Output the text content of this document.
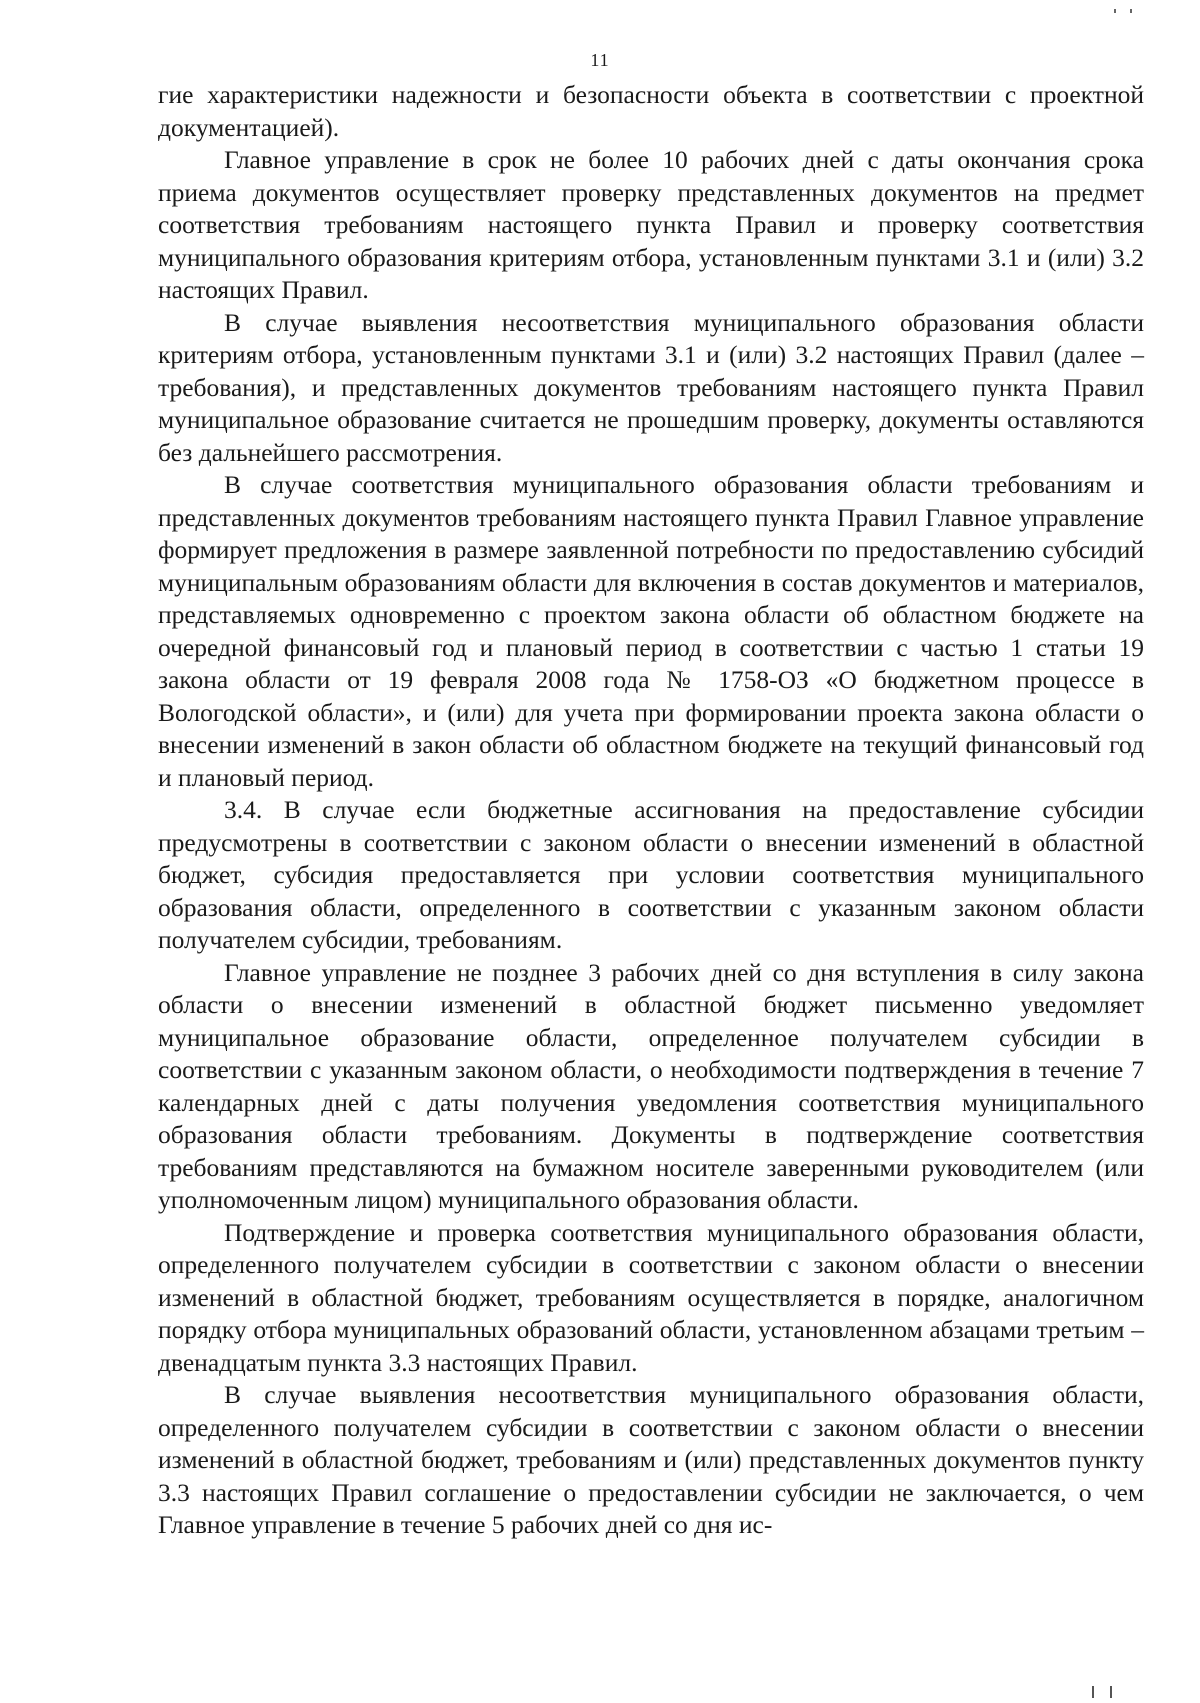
11

гие характеристики надежности и безопасности объекта в соответствии с проектной документацией).

Главное управление в срок не более 10 рабочих дней с даты окончания срока приема документов осуществляет проверку представленных документов на предмет соответствия требованиям настоящего пункта Правил и проверку соответствия муниципального образования критериям отбора, установленным пунктами 3.1 и (или) 3.2 настоящих Правил.

В случае выявления несоответствия муниципального образования области критериям отбора, установленным пунктами 3.1 и (или) 3.2 настоящих Правил (далее – требования), и представленных документов требованиям настоящего пункта Правил муниципальное образование считается не прошедшим проверку, документы оставляются без дальнейшего рассмотрения.

В случае соответствия муниципального образования области требованиям и представленных документов требованиям настоящего пункта Правил Главное управление формирует предложения в размере заявленной потребности по предоставлению субсидий муниципальным образованиям области для включения в состав документов и материалов, представляемых одновременно с проектом закона области об областном бюджете на очередной финансовый год и плановый период в соответствии с частью 1 статьи 19 закона области от 19 февраля 2008 года № 1758-ОЗ «О бюджетном процессе в Вологодской области», и (или) для учета при формировании проекта закона области о внесении изменений в закон области об областном бюджете на текущий финансовый год и плановый период.

3.4. В случае если бюджетные ассигнования на предоставление субсидии предусмотрены в соответствии с законом области о внесении изменений в областной бюджет, субсидия предоставляется при условии соответствия муниципального образования области, определенного в соответствии с указанным законом области получателем субсидии, требованиям.

Главное управление не позднее 3 рабочих дней со дня вступления в силу закона области о внесении изменений в областной бюджет письменно уведомляет муниципальное образование области, определенное получателем субсидии в соответствии с указанным законом области, о необходимости подтверждения в течение 7 календарных дней с даты получения уведомления соответствия муниципального образования области требованиям. Документы в подтверждение соответствия требованиям представляются на бумажном носителе заверенными руководителем (или уполномоченным лицом) муниципального образования области.

Подтверждение и проверка соответствия муниципального образования области, определенного получателем субсидии в соответствии с законом области о внесении изменений в областной бюджет, требованиям осуществляется в порядке, аналогичном порядку отбора муниципальных образований области, установленном абзацами третьим – двенадцатым пункта 3.3 настоящих Правил.

В случае выявления несоответствия муниципального образования области, определенного получателем субсидии в соответствии с законом области о внесении изменений в областной бюджет, требованиям и (или) представленных документов пункту 3.3 настоящих Правил соглашение о предоставлении субсидии не заключается, о чем Главное управление в течение 5 рабочих дней со дня ис-
